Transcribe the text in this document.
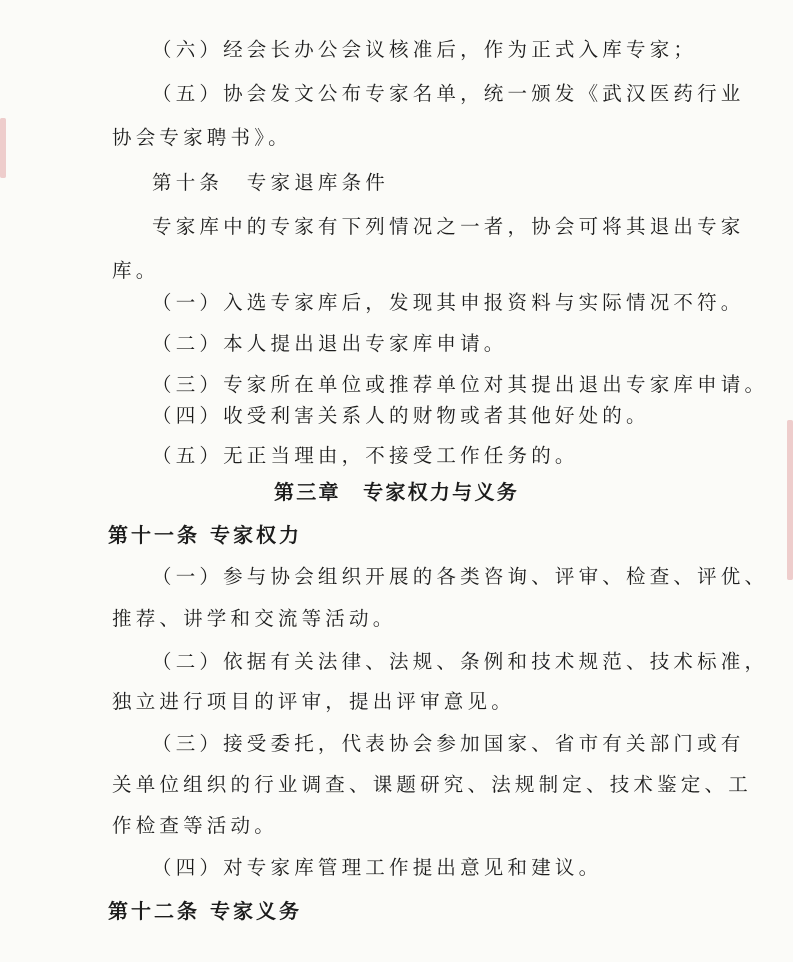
（六）经会长办公会议核准后，作为正式入库专家；
（五）协会发文公布专家名单，统一颁发《武汉医药行业
协会专家聘书》。
第十条　专家退库条件
专家库中的专家有下列情况之一者，协会可将其退出专家
库。
（一）入选专家库后，发现其申报资料与实际情况不符。
（二）本人提出退出专家库申请。
（三）专家所在单位或推荐单位对其提出退出专家库申请。
（四）收受利害关系人的财物或者其他好处的。
（五）无正当理由，不接受工作任务的。
第三章　专家权力与义务
第十一条 专家权力
（一）参与协会组织开展的各类咨询、评审、检查、评优、
推荐、讲学和交流等活动。
（二）依据有关法律、法规、条例和技术规范、技术标准，
独立进行项目的评审，提出评审意见。
（三）接受委托，代表协会参加国家、省市有关部门或有
关单位组织的行业调查、课题研究、法规制定、技术鉴定、工
作检查等活动。
（四）对专家库管理工作提出意见和建议。
第十二条 专家义务
